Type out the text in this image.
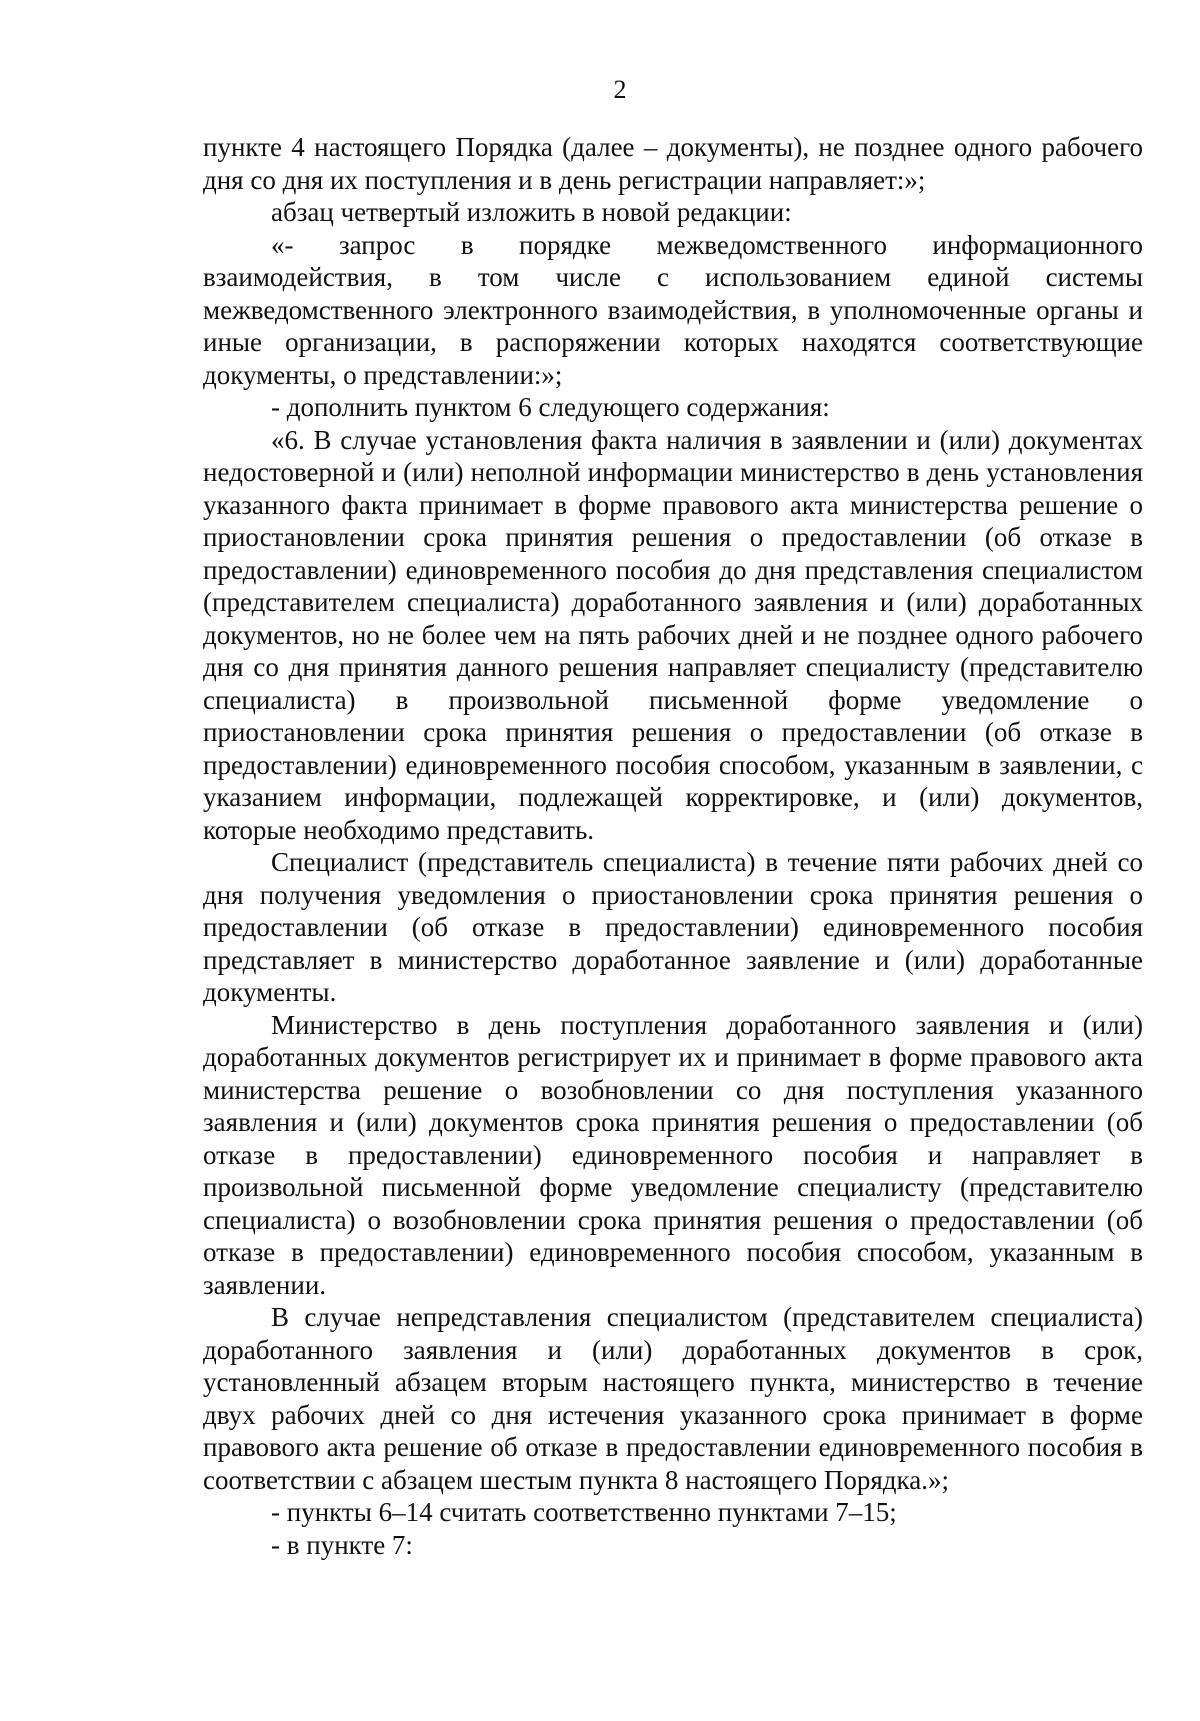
2

пункте 4 настоящего Порядка (далее – документы), не позднее одного рабочего дня со дня их поступления и в день регистрации направляет:»;

абзац четвертый изложить в новой редакции:

«- запрос в порядке межведомственного информационного взаимодействия, в том числе с использованием единой системы межведомственного электронного взаимодействия, в уполномоченные органы и иные организации, в распоряжении которых находятся соответствующие документы, о представлении:»;

- дополнить пунктом 6 следующего содержания:

«6. В случае установления факта наличия в заявлении и (или) документах недостоверной и (или) неполной информации министерство в день установления указанного факта принимает в форме правового акта министерства решение о приостановлении срока принятия решения о предоставлении (об отказе в предоставлении) единовременного пособия до дня представления специалистом (представителем специалиста) доработанного заявления и (или) доработанных документов, но не более чем на пять рабочих дней и не позднее одного рабочего дня со дня принятия данного решения направляет специалисту (представителю специалиста) в произвольной письменной форме уведомление о приостановлении срока принятия решения о предоставлении (об отказе в предоставлении) единовременного пособия способом, указанным в заявлении, с указанием информации, подлежащей корректировке, и (или) документов, которые необходимо представить.

Специалист (представитель специалиста) в течение пяти рабочих дней со дня получения уведомления о приостановлении срока принятия решения о предоставлении (об отказе в предоставлении) единовременного пособия представляет в министерство доработанное заявление и (или) доработанные документы.

Министерство в день поступления доработанного заявления и (или) доработанных документов регистрирует их и принимает в форме правового акта министерства решение о возобновлении со дня поступления указанного заявления и (или) документов срока принятия решения о предоставлении (об отказе в предоставлении) единовременного пособия и направляет в произвольной письменной форме уведомление специалисту (представителю специалиста) о возобновлении срока принятия решения о предоставлении (об отказе в предоставлении) единовременного пособия способом, указанным в заявлении.

В случае непредставления специалистом (представителем специалиста) доработанного заявления и (или) доработанных документов в срок, установленный абзацем вторым настоящего пункта, министерство в течение двух рабочих дней со дня истечения указанного срока принимает в форме правового акта решение об отказе в предоставлении единовременного пособия в соответствии с абзацем шестым пункта 8 настоящего Порядка.»;

- пункты 6–14 считать соответственно пунктами 7–15;

- в пункте 7:
